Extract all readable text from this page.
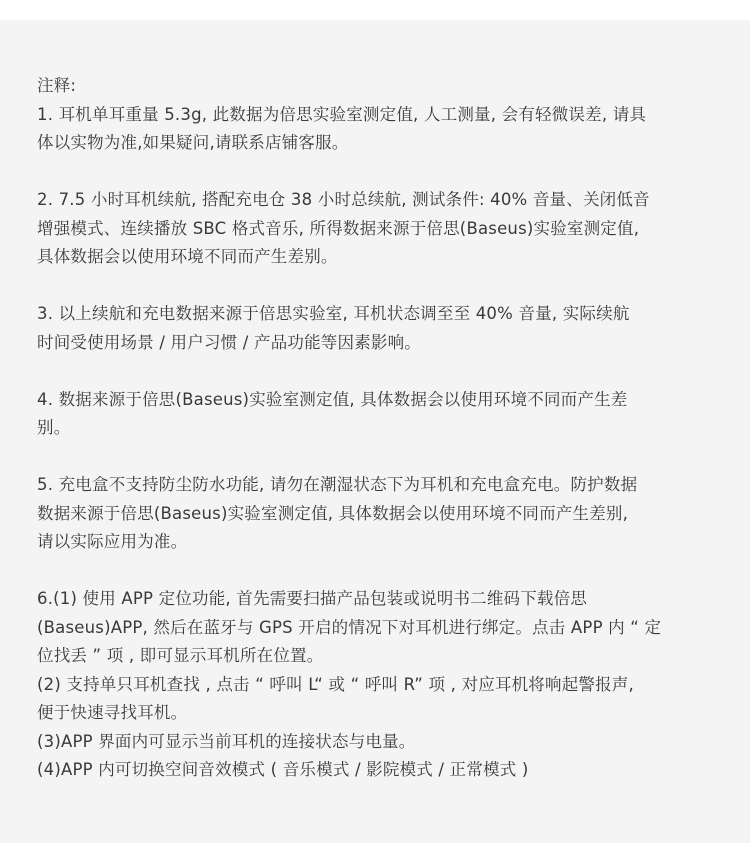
注释:
1. 耳机单耳重量 5.3g, 此数据为倍思实验室测定值, 人工测量, 会有轻微误差, 请具
体以实物为准,如果疑问,请联系店铺客服。
2. 7.5 小时耳机续航, 搭配充电仓 38 小时总续航, 测试条件: 40% 音量、关闭低音
增强模式、连续播放 SBC 格式音乐, 所得数据来源于倍思(Baseus)实验室测定值,
具体数据会以使用环境不同而产生差别。
3. 以上续航和充电数据来源于倍思实验室, 耳机状态调至至 40% 音量, 实际续航
时间受使用场景 / 用户习惯 / 产品功能等因素影响。
4. 数据来源于倍思(Baseus)实验室测定值, 具体数据会以使用环境不同而产生差
别。
5. 充电盒不支持防尘防水功能, 请勿在潮湿状态下为耳机和充电盒充电。防护数据
数据来源于倍思(Baseus)实验室测定值, 具体数据会以使用环境不同而产生差别,
请以实际应用为准。
6.(1) 使用 APP 定位功能, 首先需要扫描产品包装或说明书二维码下载倍思
(Baseus)APP, 然后在蓝牙与 GPS 开启的情况下对耳机进行绑定。点击 APP 内 “ 定
位找丢 ” 项 , 即可显示耳机所在位置。
(2) 支持单只耳机查找 , 点击 “ 呼叫 L“ 或 “ 呼叫 R” 项 , 对应耳机将响起警报声,
便于快速寻找耳机。
(3)APP 界面内可显示当前耳机的连接状态与电量。
(4)APP 内可切换空间音效模式 ( 音乐模式 / 影院模式 / 正常模式 )
